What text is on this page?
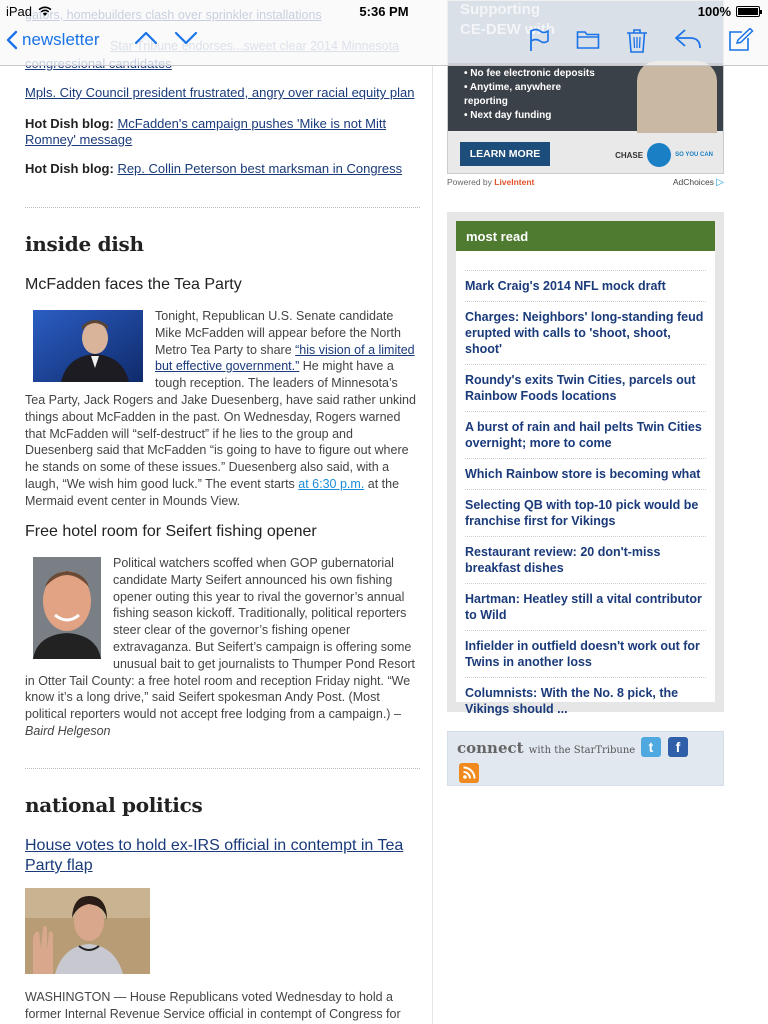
Mpls. City Council president frustrated, angry over racial equity plan
Hot Dish blog: McFadden's campaign pushes 'Mike is not Mitt Romney' message
Hot Dish blog: Rep. Collin Peterson best marksman in Congress
inside dish
McFadden faces the Tea Party
Tonight, Republican U.S. Senate candidate Mike McFadden will appear before the North Metro Tea Party to share “his vision of a limited but effective government.” He might have a tough reception. The leaders of Minnesota’s Tea Party, Jack Rogers and Jake Duesenberg, have said rather unkind things about McFadden in the past. On Wednesday, Rogers warned that McFadden will “self-destruct” if he lies to the group and Duesenberg said that McFadden “is going to have to figure out where he stands on some of these issues.” Duesenberg also said, with a laugh, “We wish him good luck.” The event starts at 6:30 p.m. at the Mermaid event center in Mounds View.
Free hotel room for Seifert fishing opener
Political watchers scoffed when GOP gubernatorial candidate Marty Seifert announced his own fishing opener outing this year to rival the governor’s annual fishing season kickoff. Traditionally, political reporters steer clear of the governor’s fishing opener extravaganza. But Seifert’s campaign is offering some unusual bait to get journalists to Thumper Pond Resort in Otter Tail County: a free hotel room and reception Friday night. “We know it’s a long drive,” said Seifert spokesman Andy Post. (Most political reporters would not accept free lodging from a campaign.) – Baird Helgeson
national politics
House votes to hold ex-IRS official in contempt in Tea Party flap
WASHINGTON — House Republicans voted Wednesday to hold a former Internal Revenue Service official in contempt of Congress for
• No fee electronic deposits
• Anytime, anywhere
reporting
• Next day funding
LEARN MORE	CHASE	SO YOU CAN
Powered by LiveIntent	AdChoices ▷
most read
Mark Craig's 2014 NFL mock draft
Charges: Neighbors' long-standing feud erupted with calls to 'shoot, shoot, shoot'
Roundy's exits Twin Cities, parcels out Rainbow Foods locations
A burst of rain and hail pelts Twin Cities overnight; more to come
Which Rainbow store is becoming what
Selecting QB with top-10 pick would be franchise first for Vikings
Restaurant review: 20 don't-miss breakfast dishes
Hartman: Heatley still a vital contributor to Wild
Infielder in outfield doesn't work out for Twins in another loss
Columnists: With the No. 8 pick, the Vikings should ...
connect with the StarTribune t	f
newsletter
iPad	5:36 PM	100%
